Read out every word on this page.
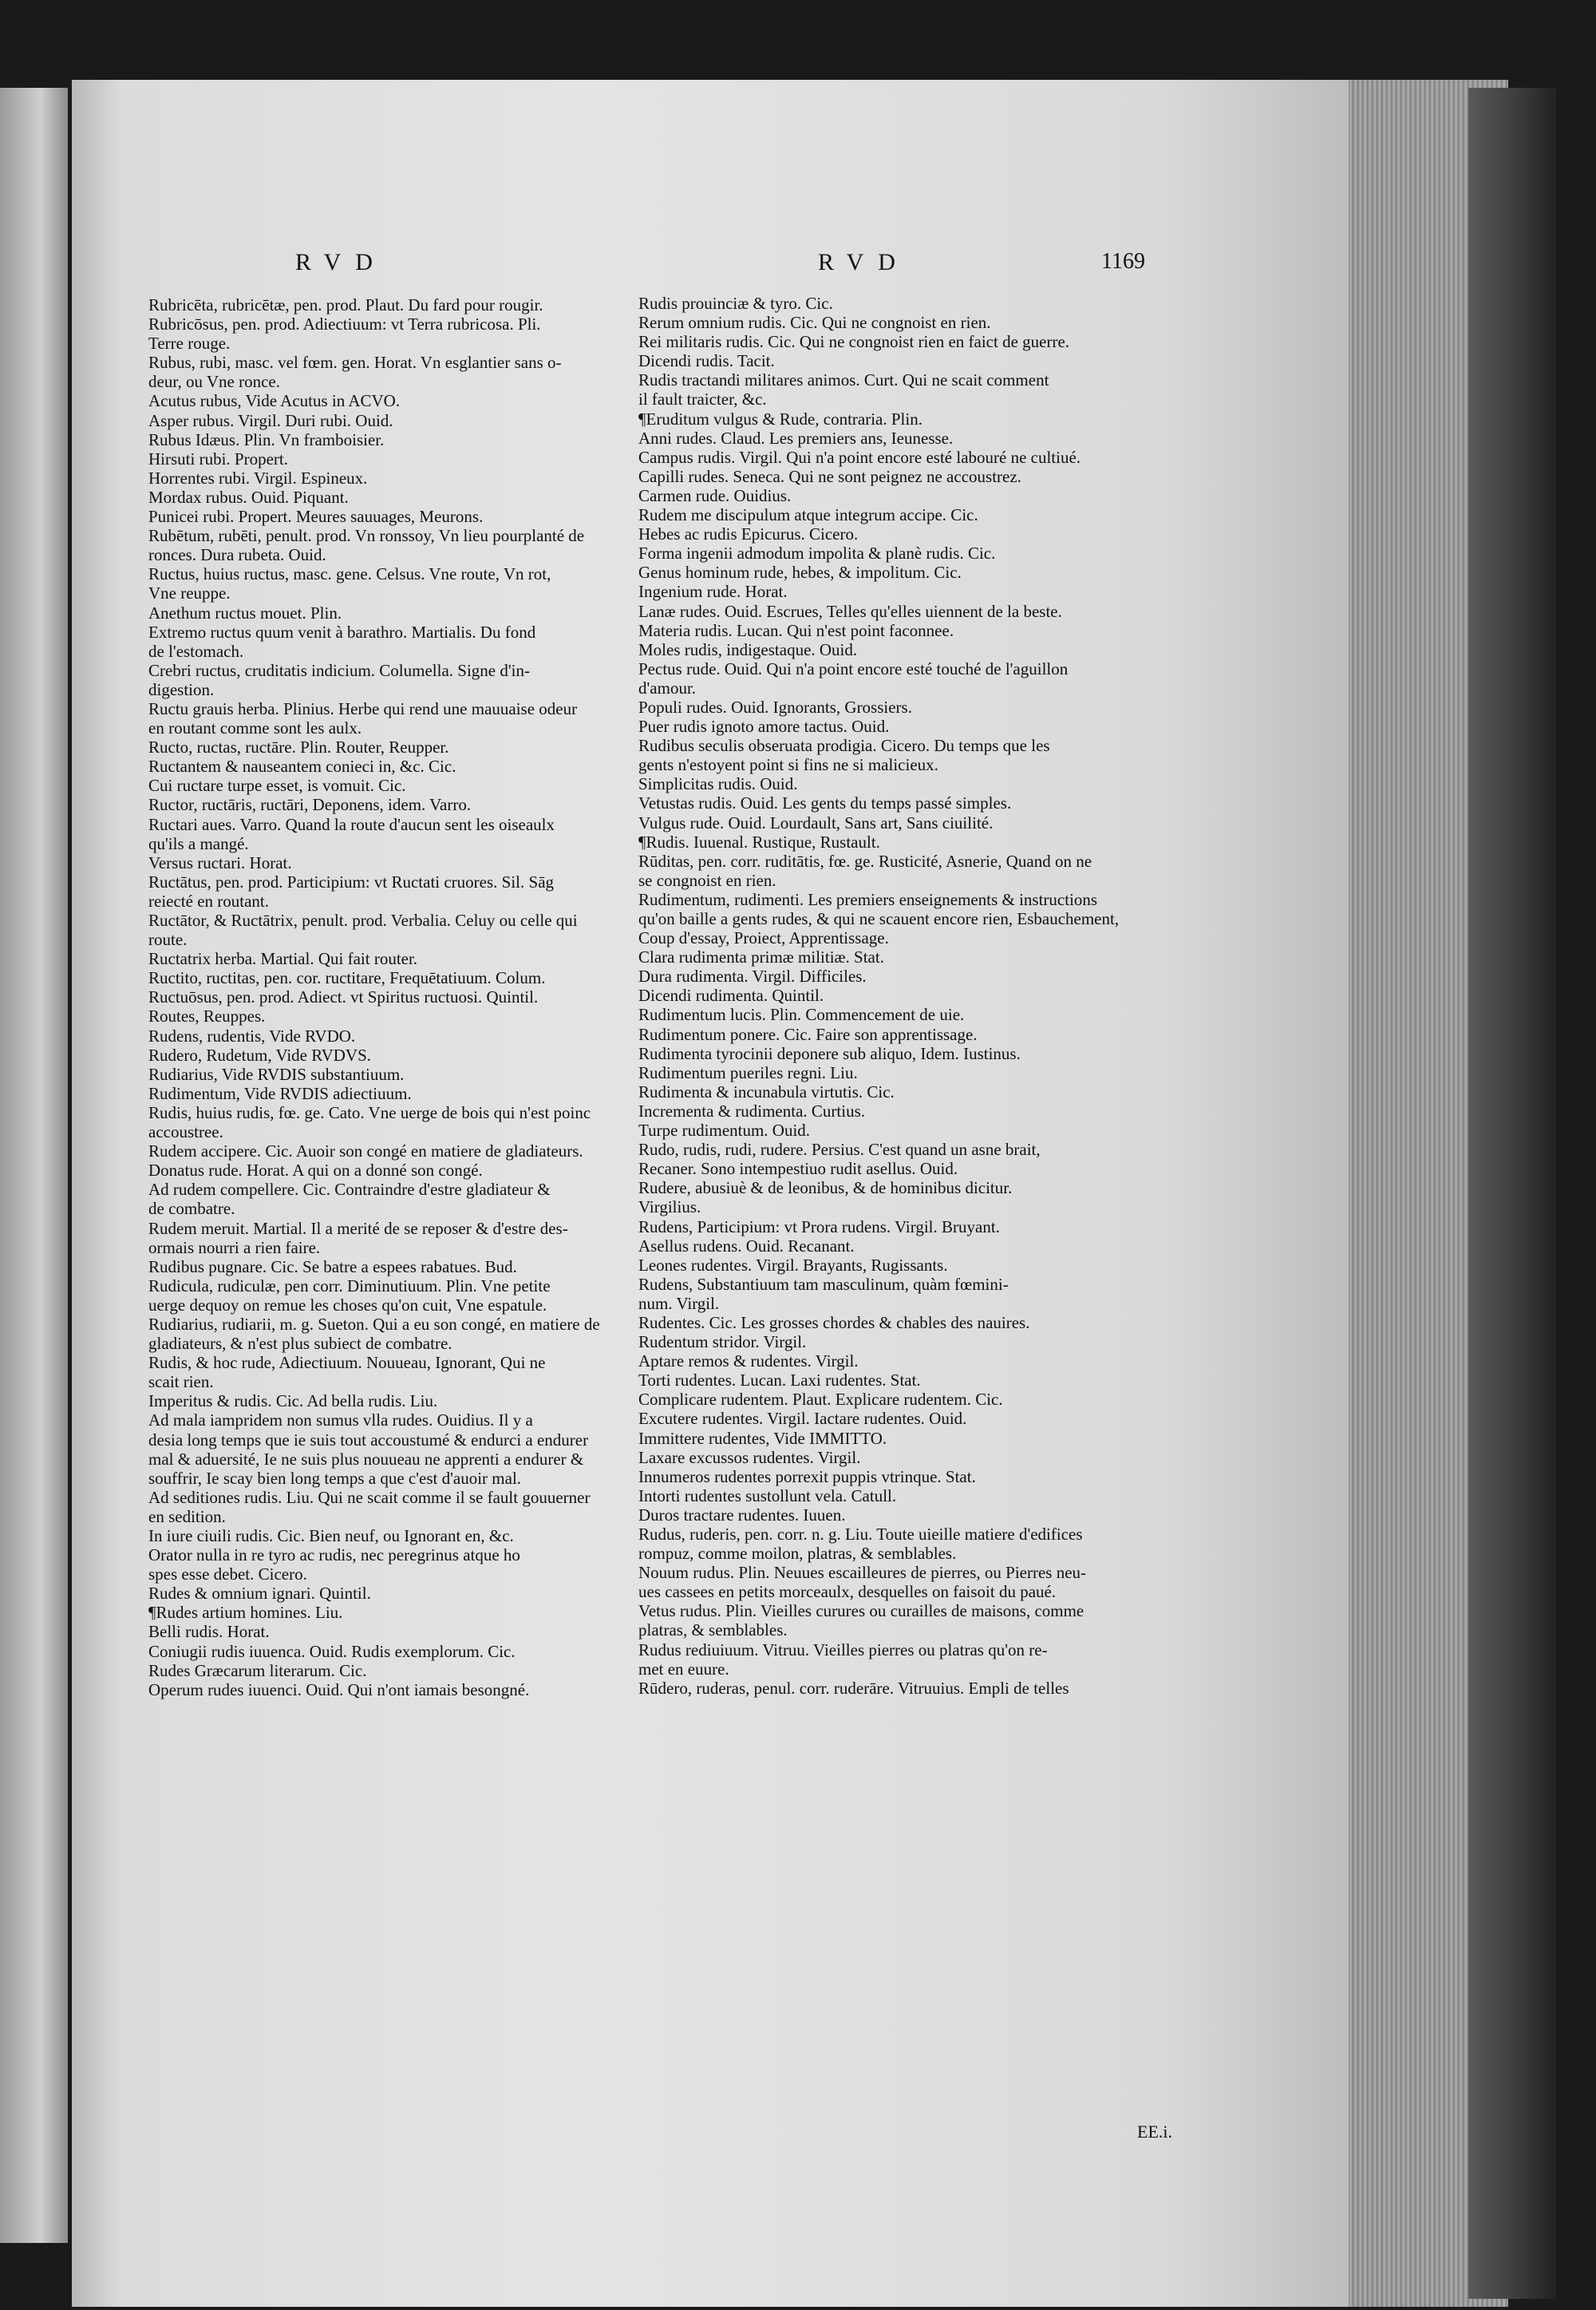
RVD	RVD	1169
Rubricēta, rubricētæ, pen. prod. Plaut. Du fard pour rougir.
Rubricōsus, pen. prod. Adiectiuum: vt Terra rubricosa. Pli.
Terre rouge.
Rubus, rubi, masc. vel fœm. gen. Horat. Vn esglantier sans o-
deur, ou Vne ronce.
Acutus rubus, Vide Acutus in ACVO.
Asper rubus. Virgil. Duri rubi. Ouid.
Rubus Idæus. Plin. Vn framboisier.
Hirsuti rubi. Propert.
Horrentes rubi. Virgil. Espineux.
Mordax rubus. Ouid. Piquant.
Punicei rubi. Propert. Meures sauuages, Meurons.
Rubētum, rubēti, penult. prod. Vn ronssoy, Vn lieu pourplanté de
ronces. Dura rubeta. Ouid.
Ructus, huius ructus, masc. gene. Celsus. Vne route, Vn rot,
Vne reuppe.
Anethum ructus mouet. Plin.
Extremo ructus quum venit à barathro. Martialis. Du fond
de l'estomach.
Crebri ructus, cruditatis indicium. Columella. Signe d'in-
digestion.
Ructu grauis herba. Plinius. Herbe qui rend une mauuaise odeur
en routant comme sont les aulx.
Ructo, ructas, ructāre. Plin. Router, Reupper.
Ructantem & nauseantem conieci in, &c. Cic.
Cui ructare turpe esset, is vomuit. Cic.
Ructor, ructāris, ructāri, Deponens, idem. Varro.
Ructari aues. Varro. Quand la route d'aucun sent les oiseaulx
qu'ils a mangé.
Versus ructari. Horat.
Ructātus, pen. prod. Participium: vt Ructati cruores. Sil. Sāg
reiecté en routant.
Ructātor, & Ructātrix, penult. prod. Verbalia. Celuy ou celle qui
route.
Ructatrix herba. Martial. Qui fait router.
Ructito, ructitas, pen. cor. ructitare, Frequētatiuum. Colum.
Ructuōsus, pen. prod. Adiect. vt Spiritus ructuosi. Quintil.
Routes, Reuppes.
Rudens, rudentis, Vide RVDO.
Rudero, Rudetum, Vide RVDVS.
Rudiarius, Vide RVDIS substantiuum.
Rudimentum, Vide RVDIS adiectiuum.
Rudis, huius rudis, fœ. ge. Cato. Vne uerge de bois qui n'est poinc
accoustree.
Rudem accipere. Cic. Auoir son congé en matiere de gladiateurs.
Donatus rude. Horat. A qui on a donné son congé.
Ad rudem compellere. Cic. Contraindre d'estre gladiateur &
de combatre.
Rudem meruit. Martial. Il a merité de se reposer & d'estre des-
ormais nourri a rien faire.
Rudibus pugnare. Cic. Se batre a espees rabatues. Bud.
Rudicula, rudiculæ, pen corr. Diminutiuum. Plin. Vne petite
uerge dequoy on remue les choses qu'on cuit, Vne espatule.
Rudiarius, rudiarii, m. g. Sueton. Qui a eu son congé, en matiere de
gladiateurs, & n'est plus subiect de combatre.
Rudis, & hoc rude, Adiectiuum. Nouueau, Ignorant, Qui ne
scait rien.
Imperitus & rudis. Cic. Ad bella rudis. Liu.
Ad mala iampridem non sumus vlla rudes. Ouidius. Il y a
desia long temps que ie suis tout accoustumé & endurci a endurer
mal & aduersité, Ie ne suis plus nouueau ne apprenti a endurer &
souffrir, Ie scay bien long temps a que c'est d'auoir mal.
Ad seditiones rudis. Liu. Qui ne scait comme il se fault gouuerner
en sedition.
In iure ciuili rudis. Cic. Bien neuf, ou Ignorant en, &c.
Orator nulla in re tyro ac rudis, nec peregrinus atque ho
spes esse debet. Cicero.
Rudes & omnium ignari. Quintil.
¶Rudes artium homines. Liu.
Belli rudis. Horat.
Coniugii rudis iuuenca. Ouid. Rudis exemplorum. Cic.
Rudes Græcarum literarum. Cic.
Operum rudes iuuenci. Ouid. Qui n'ont iamais besongné.
Rudis prouinciæ & tyro. Cic.
Rerum omnium rudis. Cic. Qui ne congnoist en rien.
Rei militaris rudis. Cic. Qui ne congnoist rien en faict de guerre.
Dicendi rudis. Tacit.
Rudis tractandi militares animos. Curt. Qui ne scait comment
il fault traicter, &c.
¶Eruditum vulgus & Rude, contraria. Plin.
Anni rudes. Claud. Les premiers ans, Ieunesse.
Campus rudis. Virgil. Qui n'a point encore esté labouré ne cultiué.
Capilli rudes. Seneca. Qui ne sont peignez ne accoustrez.
Carmen rude. Ouidius.
Rudem me discipulum atque integrum accipe. Cic.
Hebes ac rudis Epicurus. Cicero.
Forma ingenii admodum impolita & planè rudis. Cic.
Genus hominum rude, hebes, & impolitum. Cic.
Ingenium rude. Horat.
Lanæ rudes. Ouid. Escrues, Telles qu'elles uiennent de la beste.
Materia rudis. Lucan. Qui n'est point faconnee.
Moles rudis, indigestaque. Ouid.
Pectus rude. Ouid. Qui n'a point encore esté touché de l'aguillon
d'amour.
Populi rudes. Ouid. Ignorants, Grossiers.
Puer rudis ignoto amore tactus. Ouid.
Rudibus seculis obseruata prodigia. Cicero. Du temps que les
gents n'estoyent point si fins ne si malicieux.
Simplicitas rudis. Ouid.
Vetustas rudis. Ouid. Les gents du temps passé simples.
Vulgus rude. Ouid. Lourdault, Sans art, Sans ciuilité.
¶Rudis. Iuuenal. Rustique, Rustault.
Rūditas, pen. corr. ruditātis, fœ. ge. Rusticité, Asnerie, Quand on ne
se congnoist en rien.
Rudimentum, rudimenti. Les premiers enseignements & instructions
qu'on baille a gents rudes, & qui ne scauent encore rien, Esbauchement,
Coup d'essay, Proiect, Apprentissage.
Clara rudimenta primæ militiæ. Stat.
Dura rudimenta. Virgil. Difficiles.
Dicendi rudimenta. Quintil.
Rudimentum lucis. Plin. Commencement de uie.
Rudimentum ponere. Cic. Faire son apprentissage.
Rudimenta tyrocinii deponere sub aliquo, Idem. Iustinus.
Rudimentum pueriles regni. Liu.
Rudimenta & incunabula virtutis. Cic.
Incrementa & rudimenta. Curtius.
Turpe rudimentum. Ouid.
Rudo, rudis, rudi, rudere. Persius. C'est quand un asne brait,
Recaner. Sono intempestiuo rudit asellus. Ouid.
Rudere, abusiuè & de leonibus, & de hominibus dicitur.
Virgilius.
Rudens, Participium: vt Prora rudens. Virgil. Bruyant.
Asellus rudens. Ouid. Recanant.
Leones rudentes. Virgil. Brayants, Rugissants.
Rudens, Substantiuum tam masculinum, quàm fœmini-
num. Virgil.
Rudentes. Cic. Les grosses chordes & chables des nauires.
Rudentum stridor. Virgil.
Aptare remos & rudentes. Virgil.
Torti rudentes. Lucan. Laxi rudentes. Stat.
Complicare rudentem. Plaut. Explicare rudentem. Cic.
Excutere rudentes. Virgil. Iactare rudentes. Ouid.
Immittere rudentes, Vide IMMITTO.
Laxare excussos rudentes. Virgil.
Innumeros rudentes porrexit puppis vtrinque. Stat.
Intorti rudentes sustollunt vela. Catull.
Duros tractare rudentes. Iuuen.
Rudus, ruderis, pen. corr. n. g. Liu. Toute uieille matiere d'edifices
rompuz, comme moilon, platras, & semblables.
Nouum rudus. Plin. Neuues escailleures de pierres, ou Pierres neu-
ues cassees en petits morceaulx, desquelles on faisoit du paué.
Vetus rudus. Plin. Vieilles curures ou curailles de maisons, comme
platras, & semblables.
Rudus rediuiuum. Vitruu. Vieilles pierres ou platras qu'on re-
met en euure.
Rūdero, ruderas, penul. corr. ruderāre. Vitruuius. Empli de telles
EE.i.
